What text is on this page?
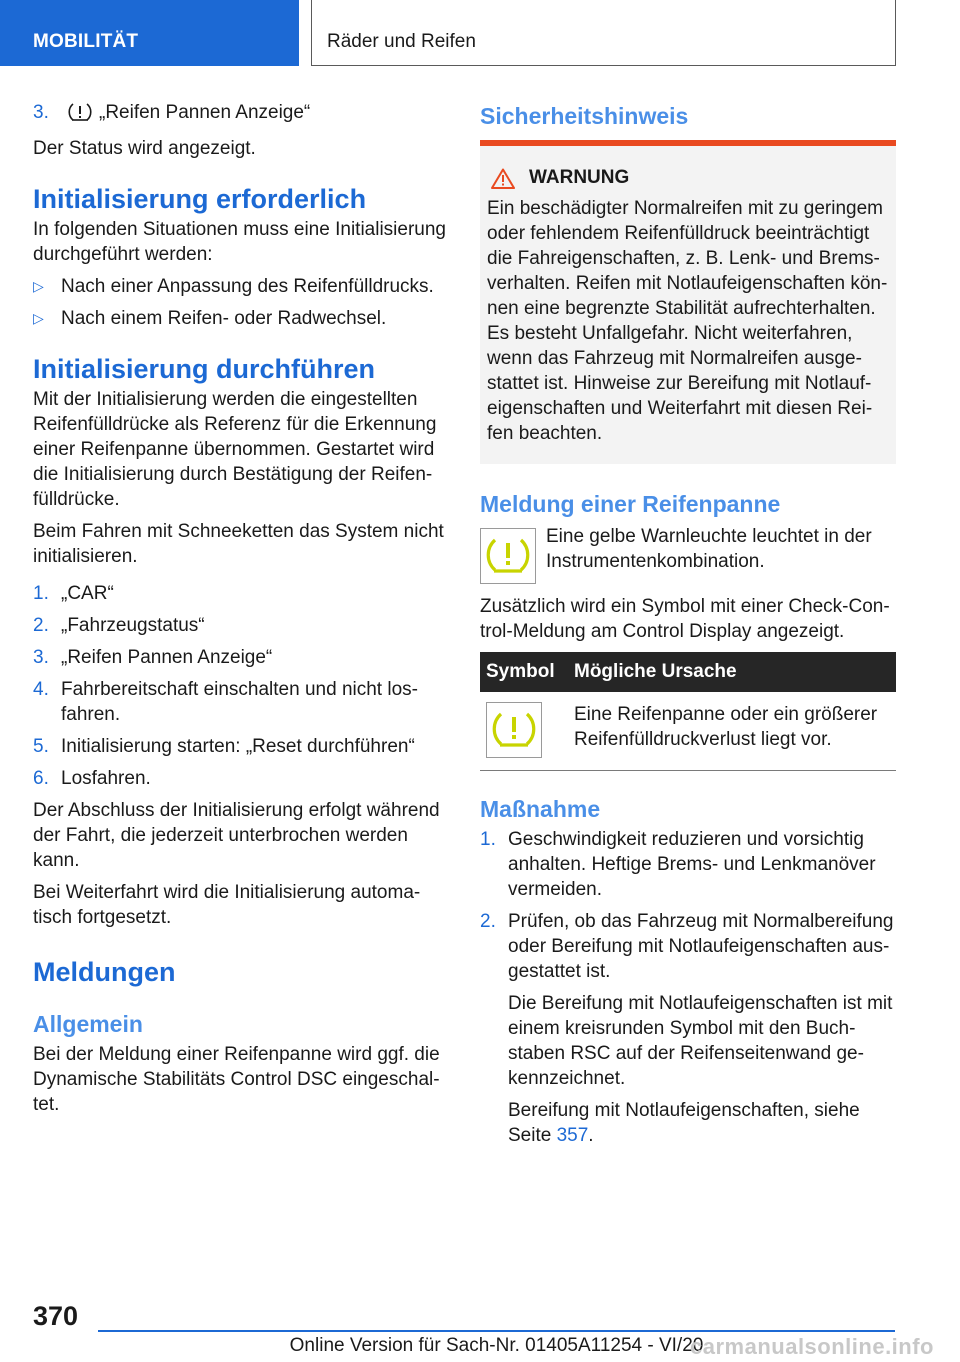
MOBILITÄT	Räder und Reifen
3.	„Reifen Pannen Anzeige“

Der Status wird angezeigt.

Initialisierung erforderlich

In folgenden Situationen muss eine Initialisierung durchgeführt werden:

▷ Nach einer Anpassung des Reifenfülldrucks.
▷ Nach einem Reifen- oder Radwechsel.
Initialisierung durchführen

Mit der Initialisierung werden die eingestellten Reifenfülldrücke als Referenz für die Erkennung einer Reifenpanne übernommen. Gestartet wird die Initialisierung durch Bestätigung der Reifenfülldrücke.

Beim Fahren mit Schneeketten das System nicht initialisieren.

1. „CAR“
2. „Fahrzeugstatus“
3. „Reifen Pannen Anzeige“
4. Fahrbereitschaft einschalten und nicht losfahren.
5. Initialisierung starten: „Reset durchführen“
6. Losfahren.

Der Abschluss der Initialisierung erfolgt während der Fahrt, die jederzeit unterbrochen werden kann.

Bei Weiterfahrt wird die Initialisierung automatisch fortgesetzt.

Meldungen
Allgemein

Bei der Meldung einer Reifenpanne wird ggf. die Dynamische Stabilitäts Control DSC eingeschaltet.

Sicherheitshinweis
WARNUNG

Ein beschädigter Normalreifen mit zu geringem oder fehlendem Reifenfülldruck beeinträchtigt die Fahreigenschaften, z. B. Lenk- und Bremsverhalten. Reifen mit Notlaufeigenschaften können eine begrenzte Stabilität aufrechterhalten. Es besteht Unfallgefahr. Nicht weiterfahren, wenn das Fahrzeug mit Normalreifen ausgestattet ist. Hinweise zur Bereifung mit Notlaufeigenschaften und Weiterfahrt mit diesen Reifen beachten.

Meldung einer Reifenpanne

Eine gelbe Warnleuchte leuchtet in der Instrumentenkombination.

Zusätzlich wird ein Symbol mit einer Check-Control-Meldung am Control Display angezeigt.

Symbol	Mögliche Ursache

	Eine Reifenpanne oder ein größerer Reifenfülldruckverlust liegt vor.
Maßnahme
1. Geschwindigkeit reduzieren und vorsichtig anhalten. Heftige Brems- und Lenkmanöver vermeiden.
2. Prüfen, ob das Fahrzeug mit Normalbereifung oder Bereifung mit Notlaufeigenschaften ausgestattet ist.

Die Bereifung mit Notlaufeigenschaften ist mit einem kreisrunden Symbol mit den Buchstaben RSC auf der Reifenseitenwand gekennzeichnet.

Bereifung mit Notlaufeigenschaften, siehe Seite 357.

370
Online Version für Sach-Nr. 01405A11254 - VI/20
carmanualsonline.info
